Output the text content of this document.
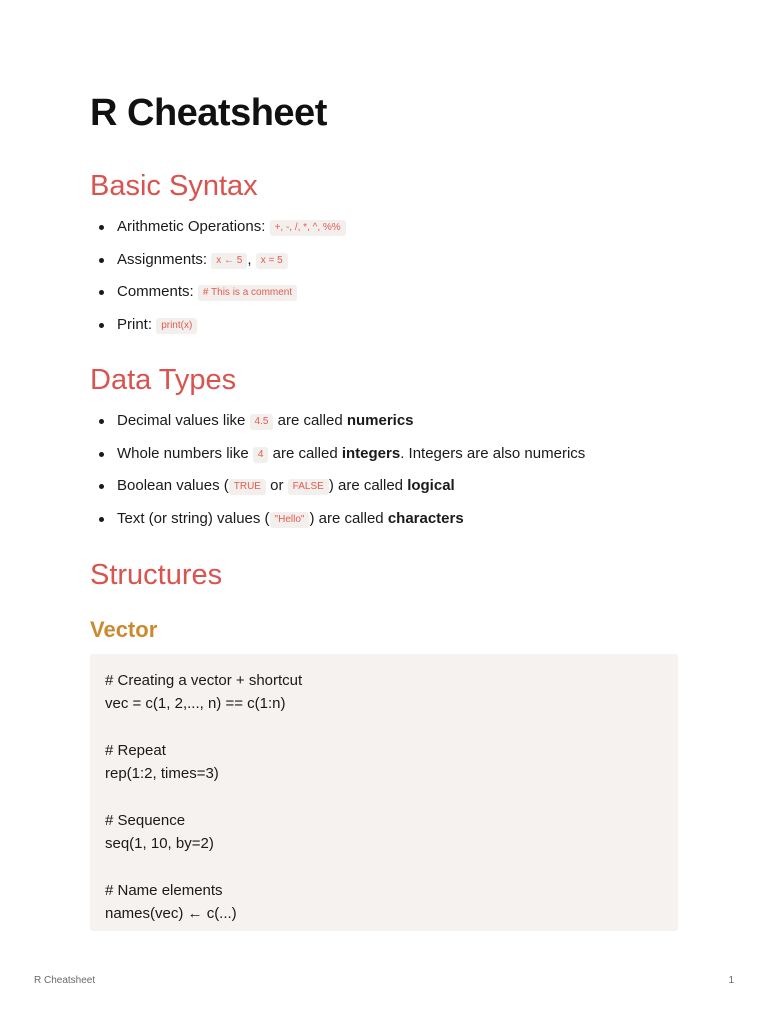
R Cheatsheet
Basic Syntax
Arithmetic Operations: +, -, /, *, ^, %%
Assignments: x ← 5 , x = 5
Comments: # This is a comment
Print: print(x)
Data Types
Decimal values like 4.5 are called numerics
Whole numbers like 4 are called integers. Integers are also numerics
Boolean values ( TRUE or FALSE ) are called logical
Text (or string) values ( "Hello" ) are called characters
Structures
Vector
# Creating a vector + shortcut
vec = c(1, 2,..., n) == c(1:n)

# Repeat
rep(1:2, times=3)

# Sequence
seq(1, 10, by=2)

# Name elements
names(vec) ← c(...)
R Cheatsheet	1
